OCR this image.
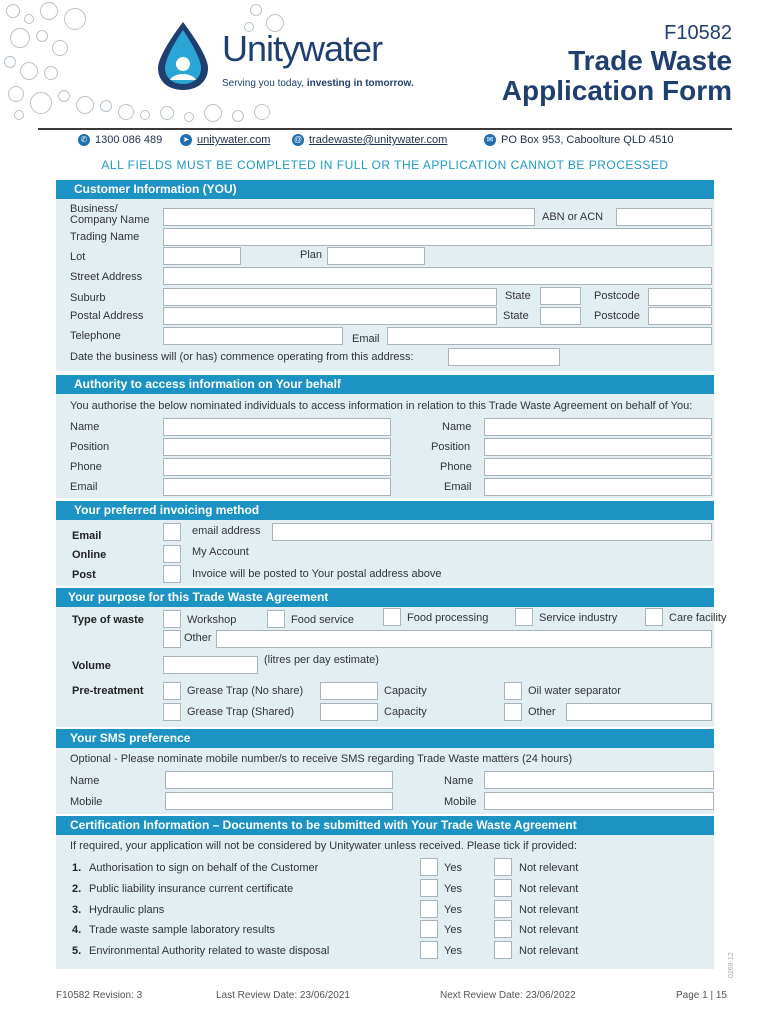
Unitywater
Serving you today, investing in tomorrow.
F10582
Trade Waste
Application Form
✆ 1300 086 489	➤ unitywater.com	@ tradewaste@unitywater.com	✉ PO Box 953, Caboolture QLD 4510
ALL FIELDS MUST BE COMPLETED IN FULL OR THE APPLICATION CANNOT BE PROCESSED
Customer Information (YOU)
Business/
Company Name	ABN or ACN
Trading Name
Lot	Plan
Street Address
Suburb	State	Postcode
Postal Address	State	Postcode
Telephone	Email
Date the business will (or has) commence operating from this address:
Authority to access information on Your behalf
You authorise the below nominated individuals to access information in relation to this Trade Waste Agreement on behalf of You:
Name	Name
Position	Position
Phone	Phone
Email	Email
Your preferred invoicing method
Email	email address
Online	My Account
Post	Invoice will be posted to Your postal address above
Your purpose for this Trade Waste Agreement
Type of waste	Workshop	Food service	Food processing	Service industry	Care facility
Other
Volume	(litres per day estimate)
Pre-treatment	Grease Trap (No share)	Capacity	Oil water separator
Grease Trap (Shared)	Capacity	Other
Your SMS preference
Optional - Please nominate mobile number/s to receive SMS regarding Trade Waste matters (24 hours)
Name	Name
Mobile	Mobile
Certification Information – Documents to be submitted with Your Trade Waste Agreement
If required, your application will not be considered by Unitywater unless received. Please tick if provided:
1. Authorisation to sign on behalf of the Customer	Yes	Not relevant
2. Public liability insurance current certificate	Yes	Not relevant
3. Hydraulic plans	Yes	Not relevant
4. Trade waste sample laboratory results	Yes	Not relevant
5. Environmental Authority related to waste disposal	Yes	Not relevant
0269-12
F10582 Revision: 3	Last Review Date: 23/06/2021	Next Review Date: 23/06/2022	Page 1 | 15
